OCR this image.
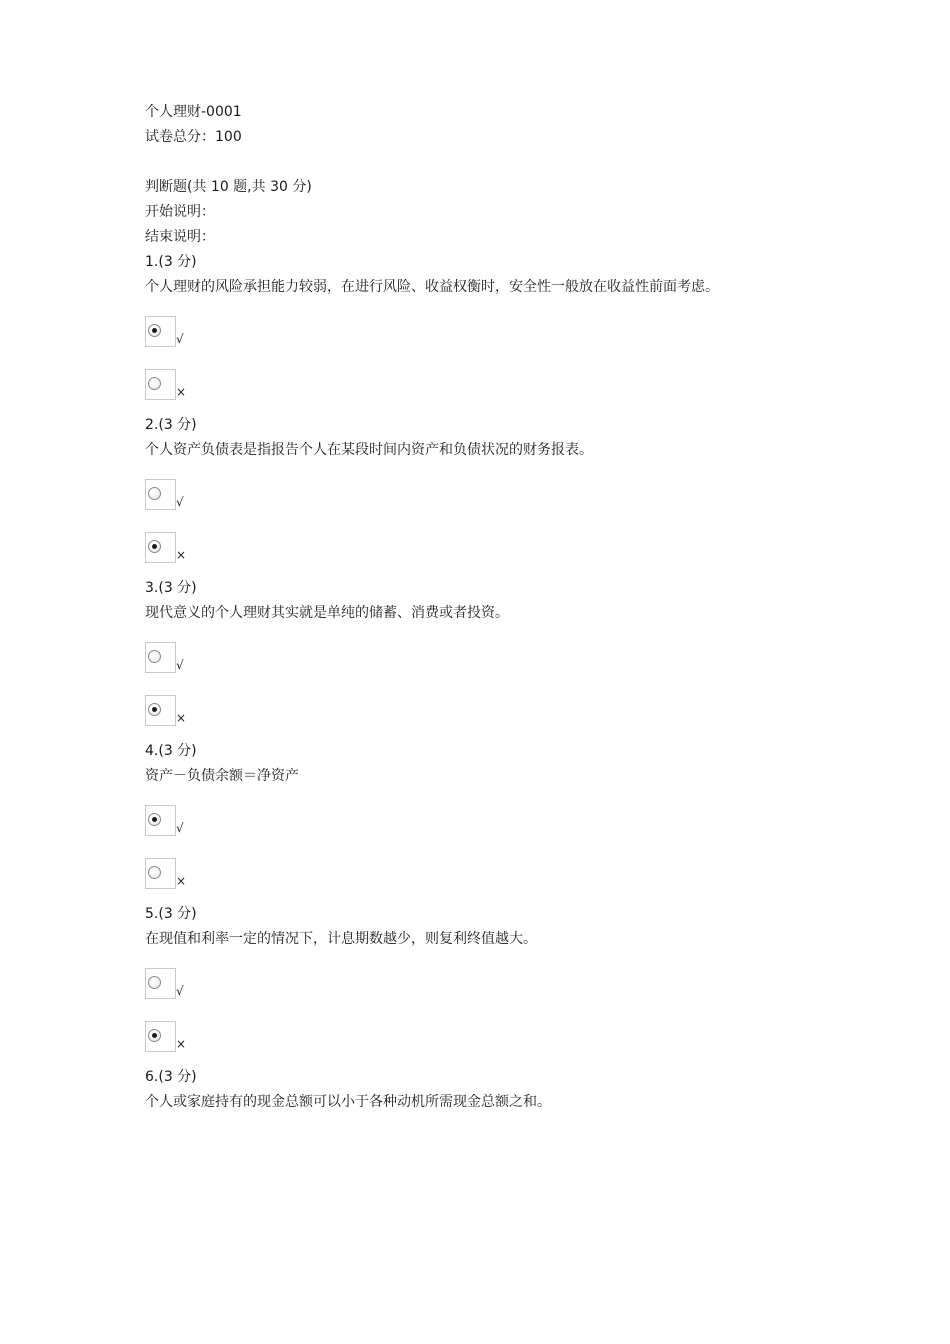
个人理财-0001
试卷总分：100
判断题(共 10 题,共 30 分)
开始说明：
结束说明：
1.(3 分)
个人理财的风险承担能力较弱，在进行风险、收益权衡时，安全性一般放在收益性前面考虑。
√
×
2.(3 分)
个人资产负债表是指报告个人在某段时间内资产和负债状况的财务报表。
√
×
3.(3 分)
现代意义的个人理财其实就是单纯的储蓄、消费或者投资。
√
×
4.(3 分)
资产－负债余额＝净资产
√
×
5.(3 分)
在现值和利率一定的情况下，计息期数越少，则复利终值越大。
√
×
6.(3 分)
个人或家庭持有的现金总额可以小于各种动机所需现金总额之和。
